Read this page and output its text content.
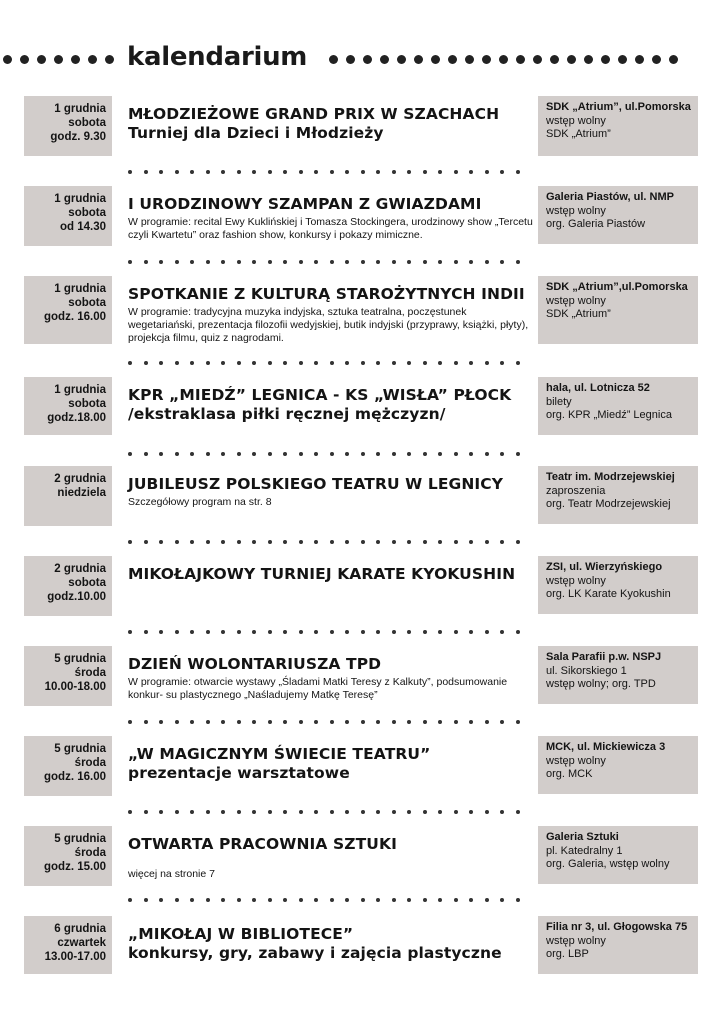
kalendarium
1 grudnia
sobota
godz. 9.30
MŁODZIEŻOWE GRAND PRIX W SZACHACH
Turniej dla Dzieci i Młodzieży
SDK „Atrium”, ul.Pomorska
wstęp wolny
SDK „Atrium”
1 grudnia
sobota
od 14.30
I URODZINOWY SZAMPAN Z GWIAZDAMI
W programie: recital Ewy Kuklińskiej i Tomasza Stockingera, urodzinowy show „Tercetu czyli Kwartetu” oraz fashion show, konkursy i pokazy mimiczne.
Galeria Piastów, ul. NMP
wstęp wolny
org. Galeria Piastów
1 grudnia
sobota
godz. 16.00
SPOTKANIE Z KULTURĄ STAROŻYTNYCH INDII
W programie: tradycyjna muzyka indyjska, sztuka teatralna, poczęstunek wegetariański, prezentacja filozofii wedyjskiej, butik indyjski (przyprawy, książki, płyty), projekcja filmu, quiz z nagrodami.
SDK „Atrium”,ul.Pomorska
wstęp wolny
SDK „Atrium”
1 grudnia
sobota
godz.18.00
KPR „MIEDŹ” LEGNICA - KS „WISŁA” PŁOCK
/ekstraklasa piłki ręcznej mężczyzn/
hala, ul. Lotnicza 52
bilety
org. KPR „Miedź” Legnica
2 grudnia
niedziela JUBILEUSZ POLSKIEGO TEATRU W LEGNICY
Szczegółowy program na str. 8
Teatr im. Modrzejewskiej
zaproszenia
org. Teatr Modrzejewskiej
2 grudnia
sobota
godz.10.00
MIKOŁAJKOWY TURNIEJ KARATE KYOKUSHIN	ZSI, ul. Wierzyńskiego
wstęp wolny
org. LK Karate Kyokushin
5 grudnia
środa
10.00-18.00
DZIEŃ WOLONTARIUSZA TPD
W programie: otwarcie wystawy „Śladami Matki Teresy z Kalkuty”, podsumowanie konkur- su plastycznego „Naśladujemy Matkę Teresę”
Sala Parafii p.w. NSPJ
ul. Sikorskiego 1
wstęp wolny; org. TPD
5 grudnia
środa
godz. 16.00
„W MAGICZNYM ŚWIECIE TEATRU”
prezentacje warsztatowe
MCK, ul. Mickiewicza 3
wstęp wolny
org. MCK
5 grudnia
środa
godz. 15.00
OTWARTA PRACOWNIA SZTUKI
więcej na stronie 7
Galeria Sztuki
pl. Katedralny 1
org. Galeria, wstęp wolny
6 grudnia
czwartek
13.00-17.00
„MIKOŁAJ W BIBLIOTECE”
konkursy, gry, zabawy i zajęcia plastyczne
Filia nr 3, ul. Głogowska 75
wstęp wolny
org. LBP
